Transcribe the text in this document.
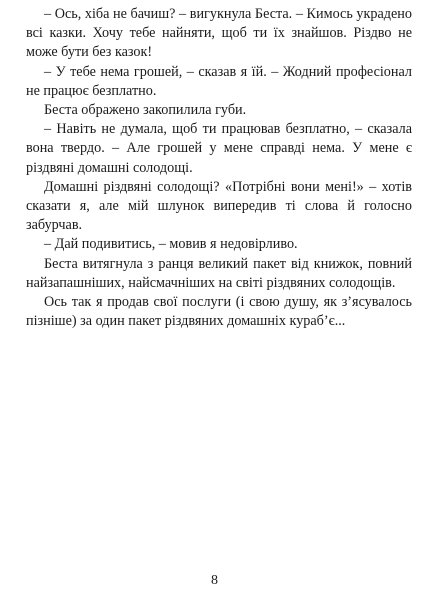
– Ось, хіба не бачиш? – вигукнула Беста. – Кимось украдено всі казки. Хочу тебе найняти, щоб ти їх знайшов. Різдво не може бути без казок!

– У тебе нема грошей, – сказав я їй. – Жодний професіонал не працює безплатно.

Беста ображено закопилила губи.

– Навіть не думала, щоб ти працював безплатно, – сказала вона твердо. – Але грошей у мене справді нема. У мене є різдвяні домашні солодощі.

Домашні різдвяні солодощі? «Потрібні вони мені!» – хотів сказати я, але мій шлунок випередив ті слова й голосно забурчав.

– Дай подивитись, – мовив я недовірливо.

Беста витягнула з ранця великий пакет від книжок, повний найзапашніших, найсмачніших на світі різдвяних солодощів.

Ось так я продав свої послуги (і свою душу, як з’ясувалось пізніше) за один пакет різдвяних домашніх кураб’є...

8
